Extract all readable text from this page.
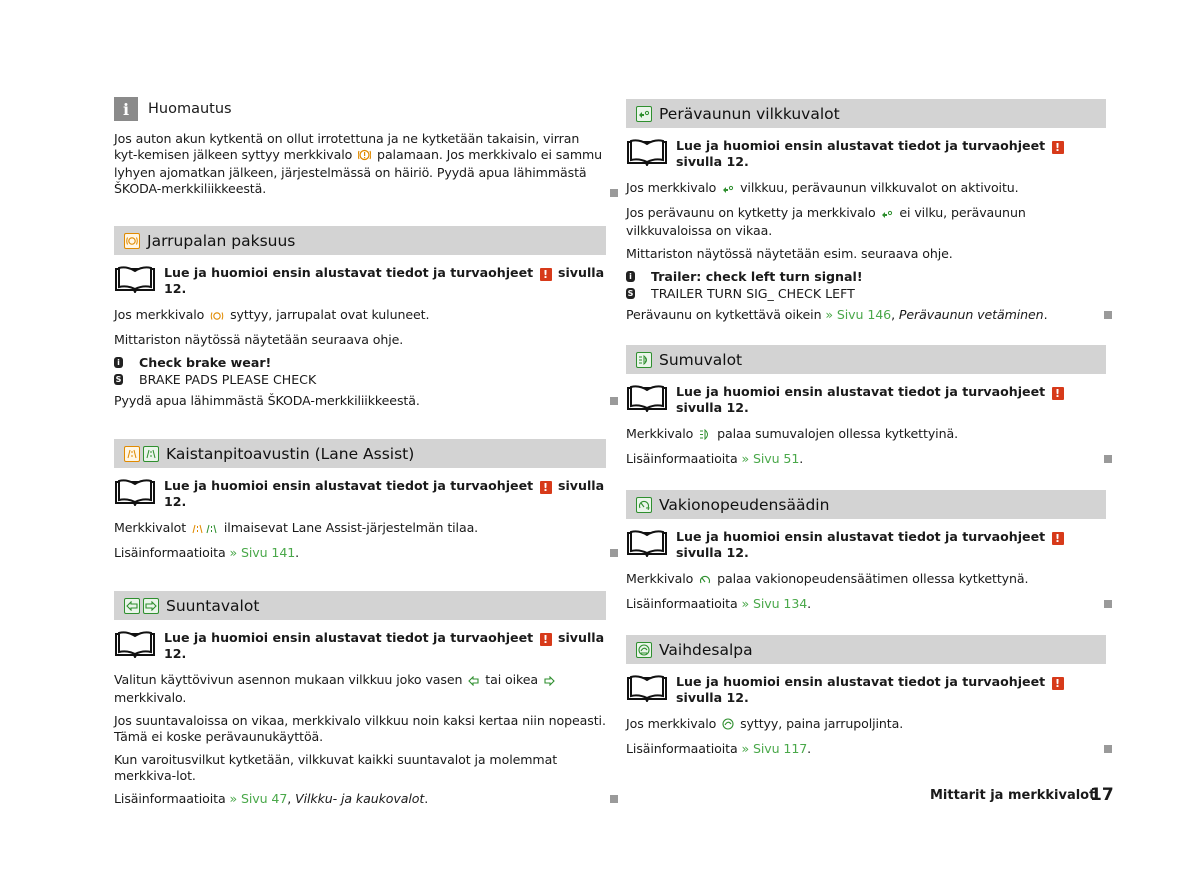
i	Huomautus

Jos auton akun kytkentä on ollut irrotettuna ja ne kytketään takaisin, virran kyt-kemisen jälkeen syttyy merkkivalo palamaan. Jos merkkivalo ei sammu lyhyen ajomatkan jälkeen, järjestelmässä on häiriö. Pyydä apua lähimmästä ŠKODA-merkkiliikkeestä.

Jarrupalan paksuus
Lue ja huomioi ensin alustavat tiedot ja turvaohjeet ! sivulla 12.

Jos merkkivalo syttyy, jarrupalat ovat kuluneet.

Mittariston näytössä näytetään seuraava ohje.

i Check brake wear!
S BRAKE PADS PLEASE CHECK

Pyydä apua lähimmästä ŠKODA-merkkiliikkeestä.

Kaistanpitoavustin (Lane Assist)
Lue ja huomioi ensin alustavat tiedot ja turvaohjeet ! sivulla 12.

Merkkivalot	ilmaisevat Lane Assist-järjestelmän tilaa.

Lisäinformaatioita » Sivu 141.

Suuntavalot
Lue ja huomioi ensin alustavat tiedot ja turvaohjeet ! sivulla 12.

Valitun käyttövivun asennon mukaan vilkkuu joko vasen tai oikea  merkkivalo.

Jos suuntavaloissa on vikaa, merkkivalo vilkkuu noin kaksi kertaa niin nopeasti. Tämä ei koske perävaunukäyttöä.

Kun varoitusvilkut kytketään, vilkkuvat kaikki suuntavalot ja molemmat merkkiva-lot.

Lisäinformaatioita » Sivu 47, Vilkku- ja kaukovalot.

Perävaunun vilkkuvalot
Lue ja huomioi ensin alustavat tiedot ja turvaohjeet ! sivulla 12.

Jos merkkivalo vilkkuu, perävaunun vilkkuvalot on aktivoitu.

Jos perävaunu on kytketty ja merkkivalo ei vilku, perävaunun vilkkuvaloissa on vikaa.

Mittariston näytössä näytetään esim. seuraava ohje.

i Trailer: check left turn signal!
S TRAILER TURN SIG_ CHECK LEFT

Perävaunu on kytkettävä oikein » Sivu 146, Perävaunun vetäminen.

Sumuvalot
Lue ja huomioi ensin alustavat tiedot ja turvaohjeet ! sivulla 12.

Merkkivalo palaa sumuvalojen ollessa kytkettyinä.

Lisäinformaatioita » Sivu 51.

Vakionopeudensäädin
Lue ja huomioi ensin alustavat tiedot ja turvaohjeet ! sivulla 12.

Merkkivalo palaa vakionopeudensäätimen ollessa kytkettynä.

Lisäinformaatioita » Sivu 134.

Vaihdesalpa
Lue ja huomioi ensin alustavat tiedot ja turvaohjeet ! sivulla 12.

Jos merkkivalo syttyy, paina jarrupoljinta.

Lisäinformaatioita » Sivu 117.

Mittarit ja merkkivalot
17
